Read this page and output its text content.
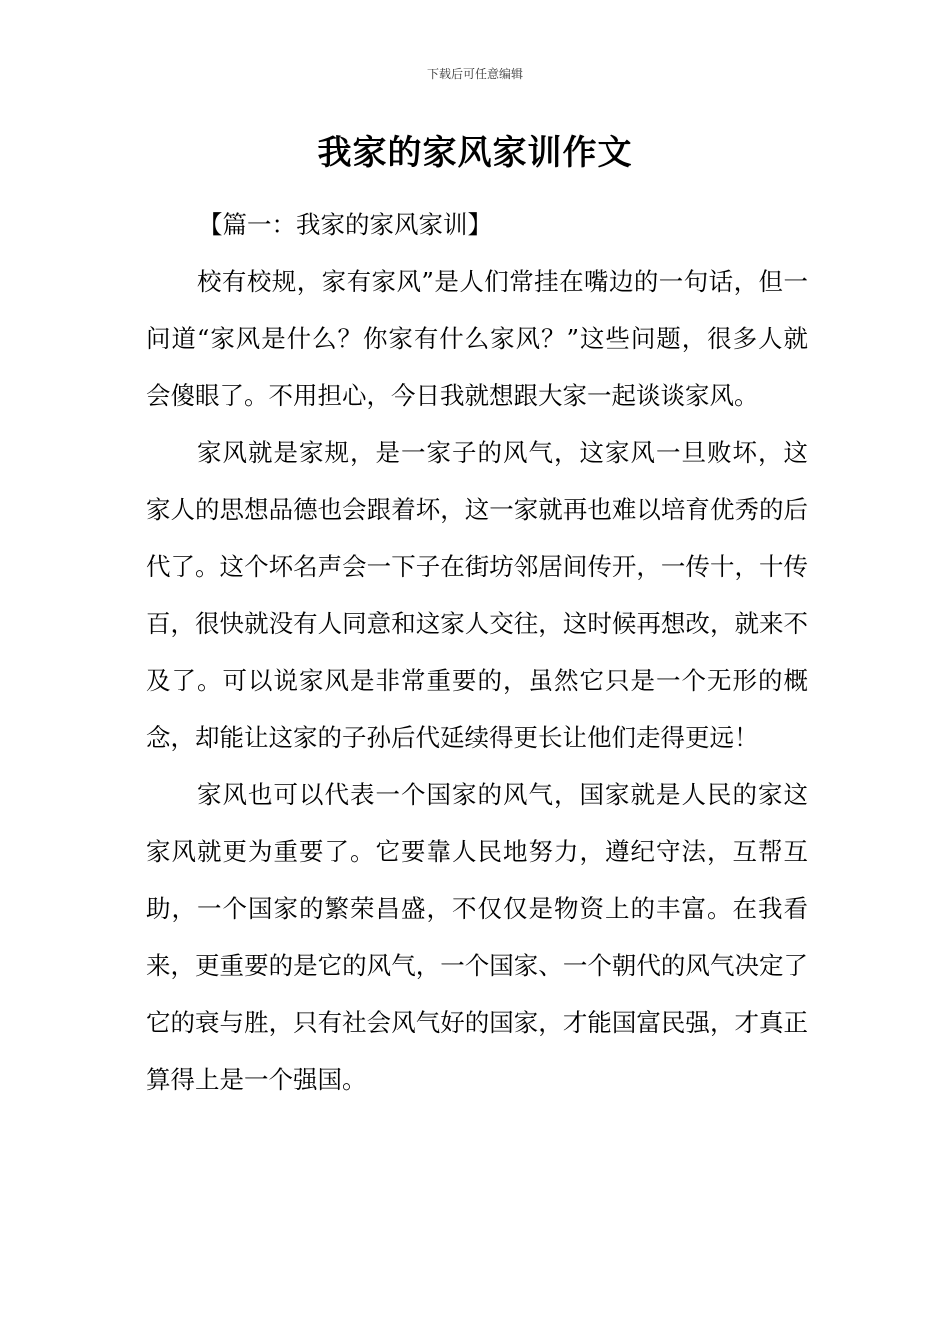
下载后可任意编辑
我家的家风家训作文

【篇一：我家的家风家训】

校有校规，家有家风”是人们常挂在嘴边的一句话，但一问道“家风是什么？你家有什么家风？”这些问题，很多人就会傻眼了。不用担心，今日我就想跟大家一起谈谈家风。

家风就是家规，是一家子的风气，这家风一旦败坏，这家人的思想品德也会跟着坏，这一家就再也难以培育优秀的后代了。这个坏名声会一下子在街坊邻居间传开，一传十，十传百，很快就没有人同意和这家人交往，这时候再想改，就来不及了。可以说家风是非常重要的，虽然它只是一个无形的概念，却能让这家的子孙后代延续得更长让他们走得更远！

家风也可以代表一个国家的风气，国家就是人民的家这家风就更为重要了。它要靠人民地努力，遵纪守法，互帮互助，一个国家的繁荣昌盛，不仅仅是物资上的丰富。在我看来，更重要的是它的风气，一个国家、一个朝代的风气决定了它的衰与胜，只有社会风气好的国家，才能国富民强，才真正算得上是一个强国。
